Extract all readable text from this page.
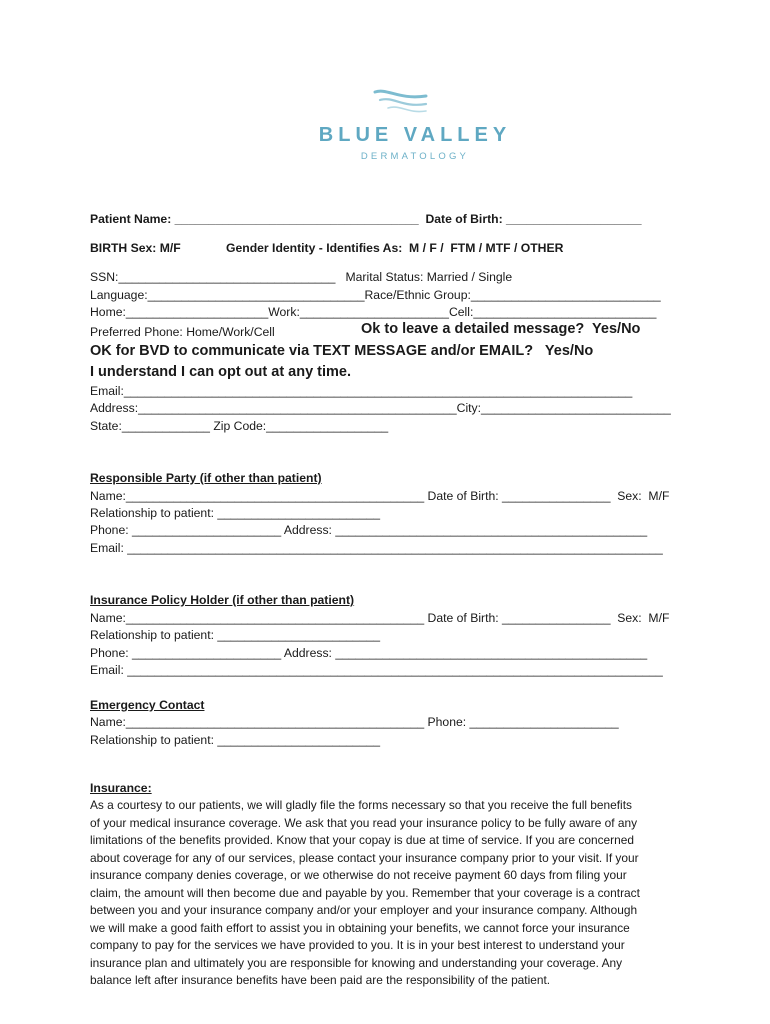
BLUE VALLEY
DERMATOLOGY
Patient Name: ____________________________________  Date of Birth: ____________________
BIRTH Sex: M/F	Gender Identity - Identifies As:  M / F /  FTM / MTF / OTHER
SSN:________________________________   Marital Status: Married / Single
Language:________________________________Race/Ethnic Group:____________________________
Home:_____________________Work:______________________Cell:___________________________
Preferred Phone: Home/Work/Cell	Ok to leave a detailed message?  Yes/No
OK for BVD to communicate via TEXT MESSAGE and/or EMAIL?   Yes/No
I understand I can opt out at any time.
Email:___________________________________________________________________________
Address:_______________________________________________City:____________________________
State:_____________ Zip Code:__________________
Responsible Party (if other than patient)
Name:____________________________________________ Date of Birth: ________________  Sex:  M/F
Relationship to patient: ________________________
Phone: ______________________ Address: ______________________________________________
Email: _______________________________________________________________________________
Insurance Policy Holder (if other than patient)
Name:____________________________________________ Date of Birth: ________________  Sex:  M/F
Relationship to patient: ________________________
Phone: ______________________ Address: ______________________________________________
Email: _______________________________________________________________________________
Emergency Contact
Name:____________________________________________ Phone: ______________________
Relationship to patient: ________________________
Insurance:
As a courtesy to our patients, we will gladly file the forms necessary so that you receive the full benefits
of your medical insurance coverage. We ask that you read your insurance policy to be fully aware of any
limitations of the benefits provided. Know that your copay is due at time of service. If you are concerned
about coverage for any of our services, please contact your insurance company prior to your visit. If your
insurance company denies coverage, or we otherwise do not receive payment 60 days from filing your
claim, the amount will then become due and payable by you. Remember that your coverage is a contract
between you and your insurance company and/or your employer and your insurance company. Although
we will make a good faith effort to assist you in obtaining your benefits, we cannot force your insurance
company to pay for the services we have provided to you. It is in your best interest to understand your
insurance plan and ultimately you are responsible for knowing and understanding your coverage. Any
balance left after insurance benefits have been paid are the responsibility of the patient.
